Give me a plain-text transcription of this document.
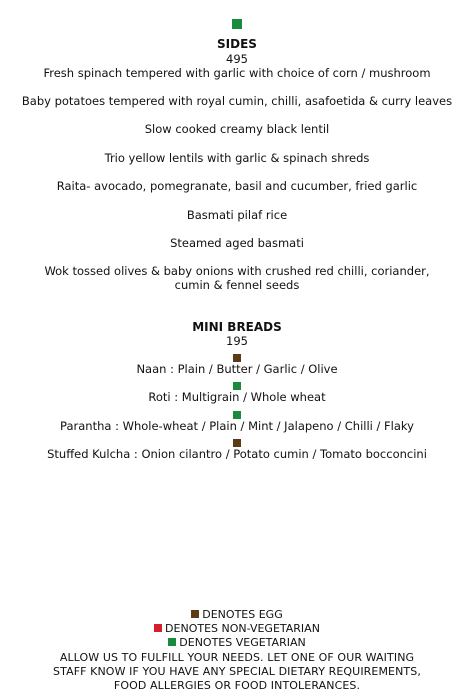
SIDES
495
Fresh spinach tempered with garlic with choice of corn / mushroom
Baby potatoes tempered with royal cumin, chilli, asafoetida & curry leaves
Slow cooked creamy black lentil
Trio yellow lentils with garlic & spinach shreds
Raita- avocado, pomegranate, basil and cucumber, fried garlic
Basmati pilaf rice
Steamed aged basmati
Wok tossed olives & baby onions with crushed red chilli, coriander,
cumin & fennel seeds
MINI BREADS
195
Naan : Plain / Butter / Garlic / Olive
Roti : Multigrain / Whole wheat
Parantha : Whole-wheat / Plain / Mint / Jalapeno / Chilli / Flaky
Stuffed Kulcha : Onion cilantro / Potato cumin / Tomato bocconcini
DENOTES EGG
DENOTES NON-VEGETARIAN
DENOTES VEGETARIAN
ALLOW US TO FULFILL YOUR NEEDS. LET ONE OF OUR WAITING
STAFF KNOW IF YOU HAVE ANY SPECIAL DIETARY REQUIREMENTS,
FOOD ALLERGIES OR FOOD INTOLERANCES.
